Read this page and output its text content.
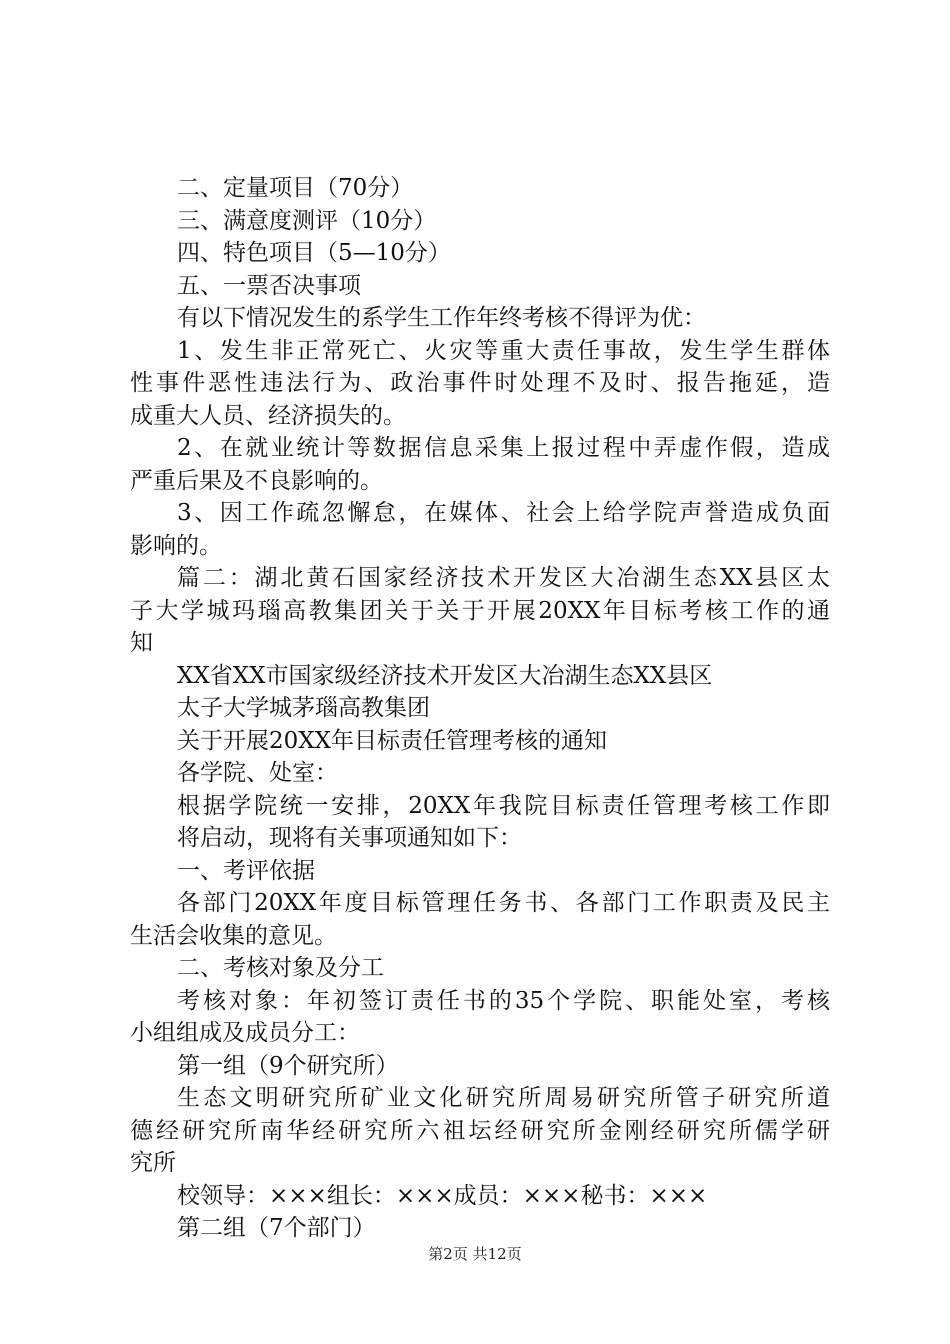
二、定量项目（70分）
三、满意度测评（10分）
四、特色项目（5—10分）
五、一票否决事项
有以下情况发生的系学生工作年终考核不得评为优：
1、发生非正常死亡、火灾等重大责任事故，发生学生群体
性事件恶性违法行为、政治事件时处理不及时、报告拖延，造
成重大人员、经济损失的。
2、在就业统计等数据信息采集上报过程中弄虚作假，造成
严重后果及不良影响的。
3、因工作疏忽懈怠，在媒体、社会上给学院声誉造成负面
影响的。
篇二：湖北黄石国家经济技术开发区大冶湖生态XX县区太
子大学城玛瑙高教集团关于关于开展20XX年目标考核工作的通
知
XX省XX市国家级经济技术开发区大冶湖生态XX县区
太子大学城茅瑙高教集团
关于开展20XX年目标责任管理考核的通知
各学院、处室：
根据学院统一安排，20XX年我院目标责任管理考核工作即
将启动，现将有关事项通知如下：
一、考评依据
各部门20XX年度目标管理任务书、各部门工作职责及民主
生活会收集的意见。
二、考核对象及分工
考核对象：年初签订责任书的35个学院、职能处室，考核
小组组成及成员分工：
第一组（9个研究所）
生态文明研究所矿业文化研究所周易研究所管子研究所道
德经研究所南华经研究所六祖坛经研究所金刚经研究所儒学研
究所
校领导：×××组长：×××成员：×××秘书：×××
第二组（7个部门）
第2页 共12页
